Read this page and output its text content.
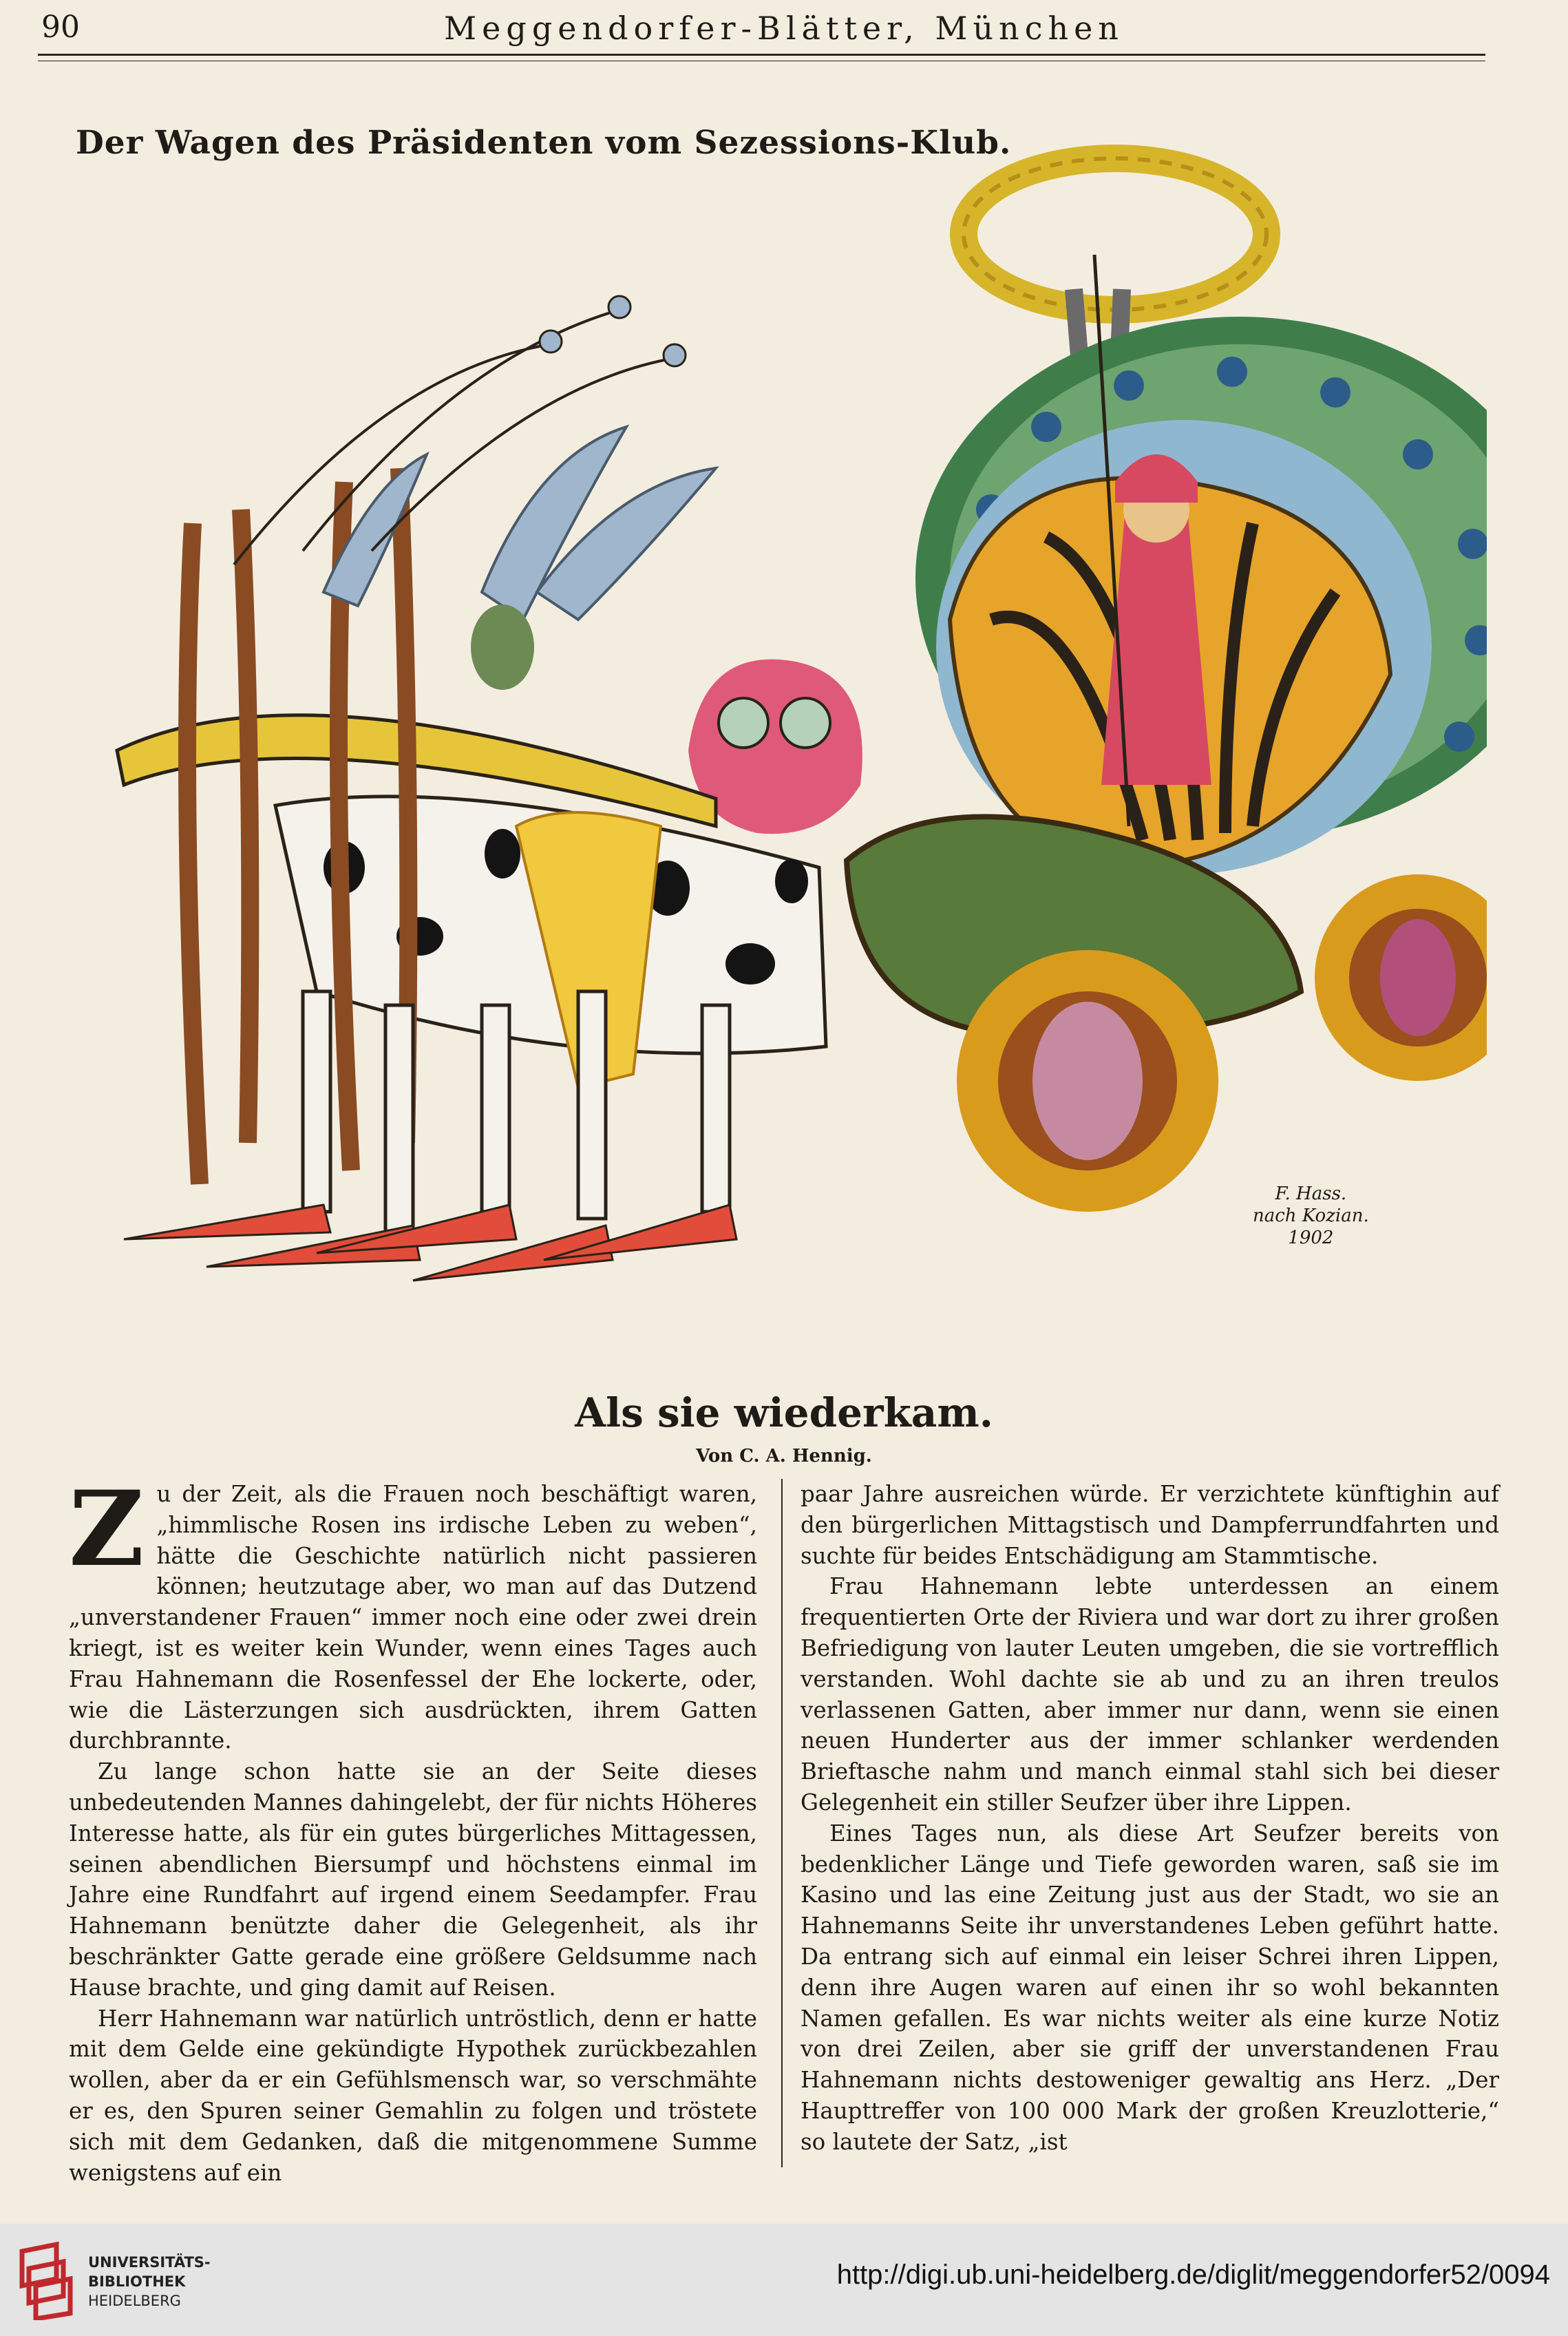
90	Meggendorfer-Blätter, München
Der Wagen des Präsidenten vom Sezessions-Klub.
F. Hass.
nach Kozian.
1902
Als sie wiederkam.
Von C. A. Hennig.
Z u der Zeit, als die Frauen noch beschäftigt waren, „himmlische Rosen ins irdische Leben zu weben“, hätte die Geschichte natürlich nicht passieren können; heutzutage aber, wo man auf das Dutzend „unverstandener Frauen“ immer noch eine oder zwei drein kriegt, ist es weiter kein Wunder, wenn eines Tages auch Frau Hahnemann die Rosenfessel der Ehe lockerte, oder, wie die Lästerzungen sich ausdrückten, ihrem Gatten durchbrannte.

Zu lange schon hatte sie an der Seite dieses unbedeutenden Mannes dahingelebt, der für nichts Höheres Interesse hatte, als für ein gutes bürgerliches Mittagessen, seinen abendlichen Biersumpf und höchstens einmal im Jahre eine Rundfahrt auf irgend einem Seedampfer. Frau Hahnemann benützte daher die Gelegenheit, als ihr beschränkter Gatte gerade eine größere Geldsumme nach Hause brachte, und ging damit auf Reisen.

Herr Hahnemann war natürlich untröstlich, denn er hatte mit dem Gelde eine gekündigte Hypothek zurückbezahlen wollen, aber da er ein Gefühlsmensch war, so verschmähte er es, den Spuren seiner Gemahlin zu folgen und tröstete sich mit dem Gedanken, daß die mitgenommene Summe wenigstens auf ein

paar Jahre ausreichen würde. Er verzichtete künftighin auf den bürgerlichen Mittagstisch und Dampferrundfahrten und suchte für beides Entschädigung am Stammtische.

Frau Hahnemann lebte unterdessen an einem frequentierten Orte der Riviera und war dort zu ihrer großen Befriedigung von lauter Leuten umgeben, die sie vortrefflich verstanden. Wohl dachte sie ab und zu an ihren treulos verlassenen Gatten, aber immer nur dann, wenn sie einen neuen Hunderter aus der immer schlanker werdenden Brieftasche nahm und manch einmal stahl sich bei dieser Gelegenheit ein stiller Seufzer über ihre Lippen.

Eines Tages nun, als diese Art Seufzer bereits von bedenklicher Länge und Tiefe geworden waren, saß sie im Kasino und las eine Zeitung just aus der Stadt, wo sie an Hahnemanns Seite ihr unverstandenes Leben geführt hatte. Da entrang sich auf einmal ein leiser Schrei ihren Lippen, denn ihre Augen waren auf einen ihr so wohl bekannten Namen gefallen. Es war nichts weiter als eine kurze Notiz von drei Zeilen, aber sie griff der unverstandenen Frau Hahnemann nichts destoweniger gewaltig ans Herz. „Der Haupttreffer von 100 000 Mark der großen Kreuzlotterie,“ so lautete der Satz, „ist

UNIVERSITÄTS-
BIBLIOTHEK
HEIDELBERG
http://digi.ub.uni-heidelberg.de/diglit/meggendorfer52/0094
